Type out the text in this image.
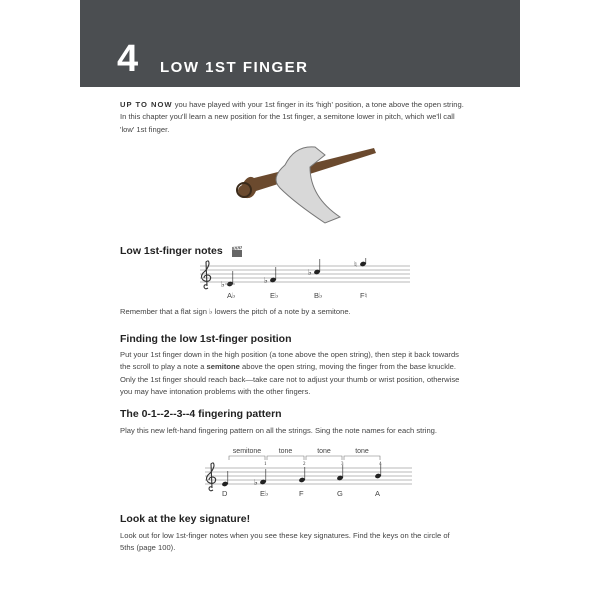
4 LOW 1ST FINGER
UP TO NOW you have played with your 1st finger in its 'high' position, a tone above the open string. In this chapter you'll learn a new position for the 1st finger, a semitone lower in pitch, which we'll call 'low' 1st finger.
Low 1st-finger notes
♭
A♭
♭
E♭
♭
B♭
♮
F♮
Remember that a flat sign ♭ lowers the pitch of a note by a semitone.
Finding the low 1st-finger position
Put your 1st finger down in the high position (a tone above the open string), then step it back towards the scroll to play a note a semitone above the open string, moving the finger from the base knuckle. Only the 1st finger should reach back—take care not to adjust your thumb or wrist position, otherwise you may have intonation problems with the other fingers.
The 0-1--2--3--4 fingering pattern
Play this new left-hand fingering pattern on all the strings. Sing the note names for each string.
D
♭
E♭	F	G	A
semitone tone	tone	tone
1	2	3	4
Look at the key signature!
Look out for low 1st-finger notes when you see these key signatures. Find the keys on the circle of 5ths (page 100).
